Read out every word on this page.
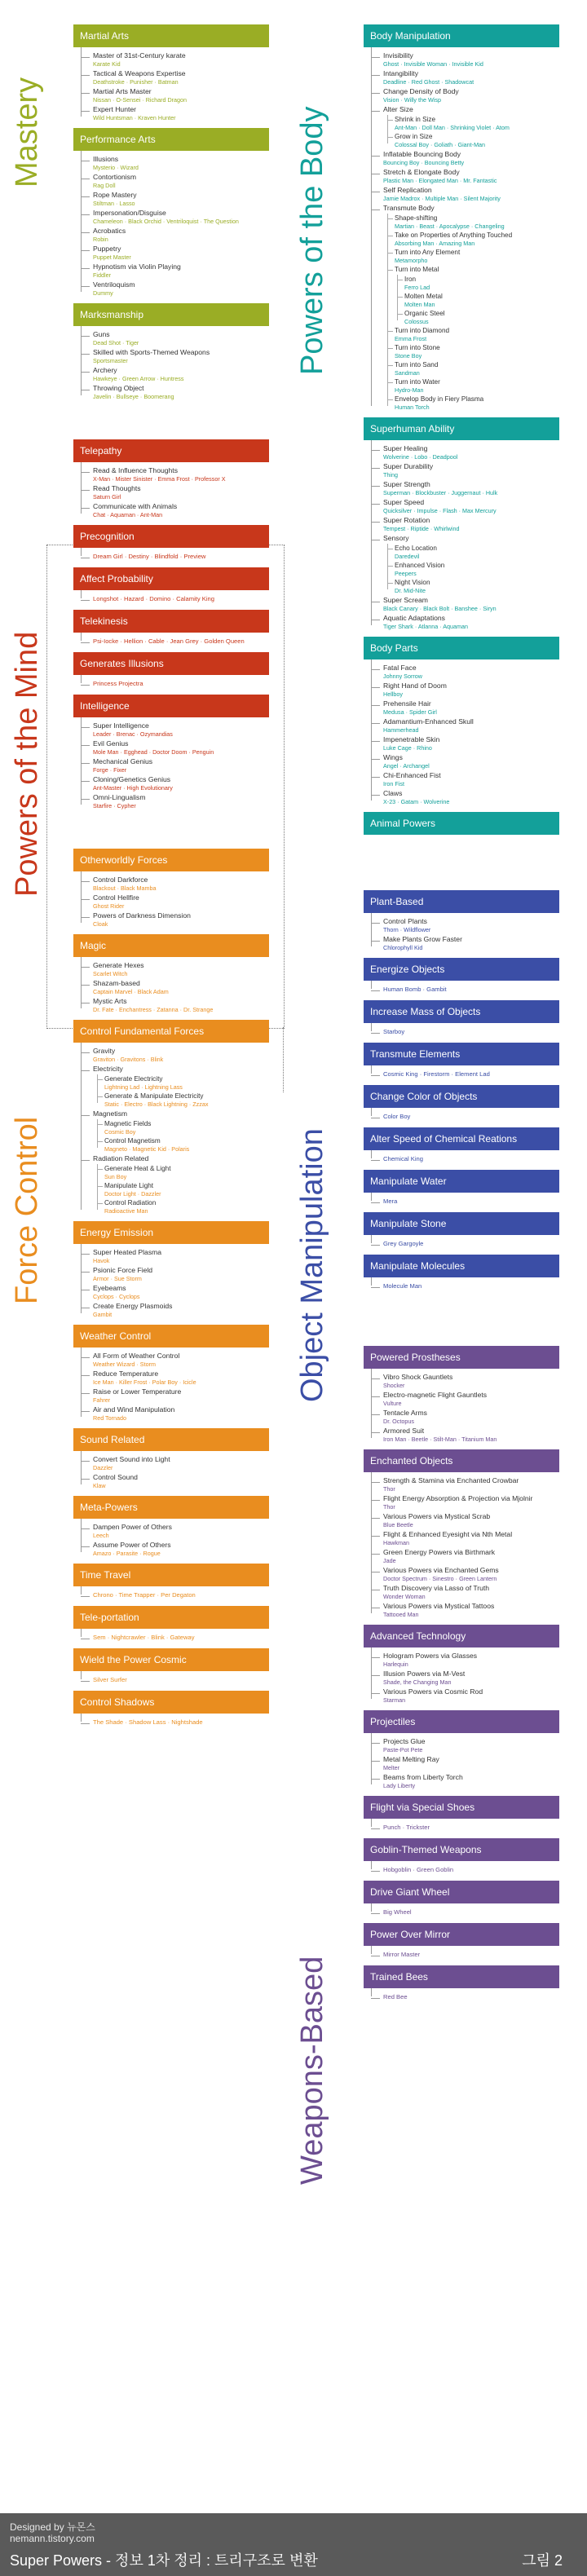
Mastery
Powers of the Mind
Force Control
Powers of the Body
Object Manipulation
Weapons-Based
Martial Arts
Master of 31st-Century karate
Karate Kid
Tactical & Weapons Expertise
Deathstroke · Punisher · Batman
Martial Arts Master
Nissan · O-Sensei · Richard Dragon
Expert Hunter
Wild Huntsman · Kraven Hunter
Performance Arts
Illusions
Mysterio · Wizard
Contortionism
Rag Doll
Rope Mastery
Stiltman · Lasso
Impersonation/Disguise
Chameleon · Black Orchid · Ventriloquist · The Question
Acrobatics
Robin
Puppetry
Puppet Master
Hypnotism via Violin Playing
Fiddler
Ventriloquism
Dummy
Marksmanship
Guns
Dead Shot · Tiger
Skilled with Sports-Themed Weapons
Sportsmaster
Archery
Hawkeye · Green Arrow · Huntress
Throwing Object
Javelin · Bullseye · Boomerang
Telepathy
Read & Influence Thoughts
X-Man · Mister Sinister · Emma Frost · Professor X
Read Thoughts
Saturn Girl
Communicate with Animals
Chat · Aquaman · Ant-Man
Precognition
Dream Girl · Destiny · Blindfold · Preview
Affect Probability
Longshot · Hazard · Domino · Calamity King
Telekinesis
Psi-Iocke · Hellion · Cable · Jean Grey · Golden Queen
Generates Illusions
Princess Projectra
Intelligence
Super Intelligence
Leader · Brenac · Ozymandias
Evil Genius
Mole Man · Egghead · Doctor Doom · Penguin
Mechanical Genius
Forge · Fixer
Cloning/Genetics Genius
Ant-Master · High Evolutionary
Omni-Lingualism
Starfire · Cypher
Otherworldly Forces
Control Darkforce
Blackout · Black Mamba
Control Hellfire
Ghost Rider
Powers of Darkness Dimension
Cloak
Magic
Generate Hexes
Scarlet Witch
Shazam-based
Captain Marvel · Black Adam
Mystic Arts
Dr. Fate · Enchantress · Zatanna · Dr. Strange
Control Fundamental Forces
Gravity
Graviton · Gravitons · Blink
Electricity
Generate Electricity
Lightning Lad · Lightning Lass
Generate & Manipulate Electricity
Static · Electro · Black Lightning · Zzzax
Magnetism
Magnetic Fields
Cosmic Boy
Control Magnetism
Magneto · Magnetic Kid · Polaris
Radiation Related
Generate Heat & Light
Sun Boy
Manipulate Light
Doctor Light · Dazzler
Control Radiation
Radioactive Man
Energy Emission
Super Heated Plasma
Havok
Psionic Force Field
Armor · Sue Storm
Eyebeams
Cyclops · Cyclops
Create Energy Plasmoids
Gambit
Weather Control
All Form of Weather Control
Weather Wizard · Storm
Reduce Temperature
Ice Man · Killer Frost · Polar Boy · Icicle
Raise or Lower Temperature
Fahrer
Air and Wind Manipulation
Red Tornado
Sound Related
Convert Sound into Light
Dazzler
Control Sound
Klaw
Meta-Powers
Dampen Power of Others
Leech
Assume Power of Others
Amazo · Parasite · Rogue
Time Travel
Chrono · Time Trapper · Per Degaton
Tele-portation
Sem · Nightcrawler · Blink · Gateway
Wield the Power Cosmic
Silver Surfer
Control Shadows
The Shade · Shadow Lass · Nightshade
Body Manipulation
Invisibility
Ghost · Invisible Woman · Invisible Kid
Intangibility
Deadline · Red Ghost · Shadowcat
Change Density of Body
Vision · Willy the Wisp
Alter Size
Shrink in Size
Ant-Man · Doll Man · Shrinking Violet · Atom
Grow in Size
Colossal Boy · Goliath · Giant-Man
Inflatable Bouncing Body
Bouncing Boy · Bouncing Betty
Stretch & Elongate Body
Plastic Man · Elongated Man · Mr. Fantastic
Self Replication
Jamie Madrox · Multiple Man · Silent Majority
Transmute Body
Shape-shifting
Martian · Beast · Apocalypse · Changeling
Take on Properties of Anything Touched
Absorbing Man · Amazing Man
Turn into Any Element
Metamorpho
Turn into Metal
Iron
Ferro Lad
Molten Metal
Molten Man
Organic Steel
Colossus
Turn into Diamond
Emma Frost
Turn into Stone
Stone Boy
Turn into Sand
Sandman
Turn into Water
Hydro-Man
Envelop Body in Fiery Plasma
Human Torch
Superhuman Ability
Super Healing
Wolverine · Lobo · Deadpool
Super Durability
Thing
Super Strength
Superman · Blockbuster · Juggernaut · Hulk
Super Speed
Quicksilver · Impulse · Flash · Max Mercury
Super Rotation
Tempest · Riptide · Whirlwind
Sensory
Echo Location
Daredevil
Enhanced Vision
Peepers
Night Vision
Dr. Mid-Nite
Super Scream
Black Canary · Black Bolt · Banshee · Siryn
Aquatic Adaptations
Tiger Shark · Atlanna · Aquaman
Body Parts
Fatal Face
Johnny Sorrow
Right Hand of Doom
Hellboy
Prehensile Hair
Medusa · Spider Girl
Adamantium-Enhanced Skull
Hammerhead
Impenetrable Skin
Luke Cage · Rhino
Wings
Angel · Archangel
Chi-Enhanced Fist
Iron Fist
Claws
X-23 · Gatam · Wolverine
Animal Powers
Plant-Based
Control Plants
Thorn · Wildflower
Make Plants Grow Faster
Chlorophyll Kid
Energize Objects
Human Bomb · Gambit
Increase Mass of Objects
Starboy
Transmute Elements
Cosmic King · Firestorm · Element Lad
Change Color of Objects
Color Boy
Alter Speed of Chemical Reations
Chemical King
Manipulate Water
Mera
Manipulate Stone
Grey Gargoyle
Manipulate Molecules
Molecule Man
Powered Prostheses
Vibro Shock Gauntlets
Shocker
Electro-magnetic Flight Gauntlets
Vulture
Tentacle Arms
Dr. Octopus
Armored Suit
Iron Man · Beetle · Stilt-Man · Titanium Man
Enchanted Objects
Strength & Stamina via Enchanted Crowbar
Thor
Flight Energy Absorption & Projection via Mjolnir
Thor
Various Powers via Mystical Scrab
Blue Beetle
Flight & Enhanced Eyesight via Nth Metal
Hawkman
Green Energy Powers via Birthmark
Jade
Various Powers via Enchanted Gems
Doctor Spectrum · Sinestro · Green Lantern
Truth Discovery via Lasso of Truth
Wonder Woman
Various Powers via Mystical Tattoos
Tattooed Man
Advanced Technology
Hologram Powers via Glasses
Harlequin
Illusion Powers via M-Vest
Shade, the Changing Man
Various Powers via Cosmic Rod
Starman
Projectiles
Projects Glue
Paste-Pot Pete
Metal Melting Ray
Melter
Beams from Liberty Torch
Lady Liberty
Flight via Special Shoes
Punch · Trickster
Goblin-Themed Weapons
Hobgoblin · Green Goblin
Drive Giant Wheel
Big Wheel
Power Over Mirror
Mirror Master
Trained Bees
Red Bee
Designed by 뉴몬스
nemann.tistory.com
Super Powers - 정보 1차 정리 : 트리구조로 변환	그림 2
